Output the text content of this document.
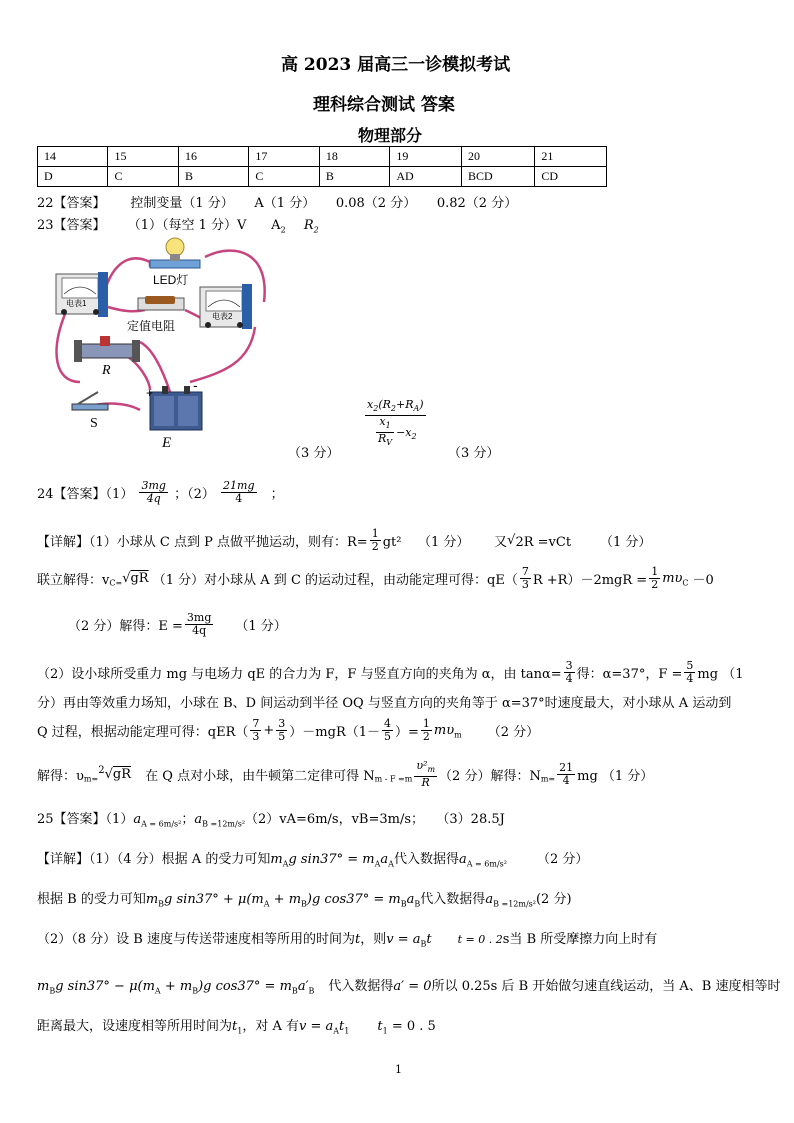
高 2023 届高三一诊模拟考试
理科综合测试 答案
物理部分
14	15	16	17	18	19	20	21
D	C	B	C	B	AD	BCD	CD
22【答案】      控制变量（1 分）     A（1 分）     0.08（2 分）     0.82（2 分）
23【答案】 （1）（每空 1 分）V      $A_2$ $R_2$
LED灯
定值电阻
电表1
电表2
R
S
+	-
E
$x_2(R_2+R_A)$
$\frac{x_1}{R_V} -x_2$
（3 分）	（3 分）
24【答案】$(1) \frac{3mg}{4q}$ ；$(2) \frac{21mg}{4}$ ；
【详解】（1）小球从 C 点到 P 点做平抛运动，则有：$R= \frac{1}{2} gt^2$    （1 分）      又√2R =vCt       （1 分）
联立解得：$v_{C=}√gR$ （1 分）对小球从 A 到 C 的运动过程，由动能定理可得：$qE( \frac{7}{3}$ $R +R)-2mgR = \frac{1}{2} m\upsilon_C -0$
（2 分）解得：$E = \frac{3mg}{4q} (1$ 分）
（2）设小球所受重力 mg 与电场力 qE 的合力为 F，F 与竖直方向的夹角为 α，由 $\tan\alpha= \frac{3}{4}$ 得：α=37°，$F = \frac{5}{4}$ mg （1
分）再由等效重力场知，小球在 B、D 间运动到半径 OQ 与竖直方向的夹角等于 α=37°时速度最大，对小球从 A 运动到
Q 过程，根据动能定理可得：$qER( \frac{7}{3} + \frac{3}{5} )-mgR(1- \frac{4}{5}$ ）= $\frac{1}{2} m\upsilon_m$ （2 分）
解得：$\upsilon_{m=}^2√gR$ 在 Q 点对小球，由牛顿第二定律可得 $N_{m - F =m} \frac{\upsilon^2_m}{R} (2$ 分）解得：$N_{m=} \frac{21}{4}$ mg （1 分）
25【答案】$(1)a_{A = 6m/s^2}$；$a_{B =12m/s^2}(2)vA=6m/s$，vB=3m/s；   （3）28.5J
【详解】（1）（4 分）根据 A 的受力可知$m_Ag$ $\sin 37^\circ = m_Aa_A$代入数据得$a_{A = 6m/s^2}$ （2 分）
根据 B 的受力可知$m_Bg$ $\sin 37^\circ + \mu(m_A + m_B)g$ $\cos 37^\circ = m_Ba_B$代入数据得$a_{B =12m/s^2}(2$ 分)
（2）（8 分）设 B 速度与传送带速度相等所用的时间为t，则$v = a_Bt$ t = 0 . 2s当 B 所受摩擦力向上时有
$m_Bg$ $\sin 37^\circ - \mu(m_A + m_B)g$ $\cos 37^\circ = m_Ba'_B$ 代入数据得a′ = 0所以 0.25s 后 B 开始做匀速直线运动，当 A、B 速度相等时
距离最大，设速度相等所用时间为$t_1$，对 A 有$v = a_At_1$ $t_1 = 0$ . 5
1
